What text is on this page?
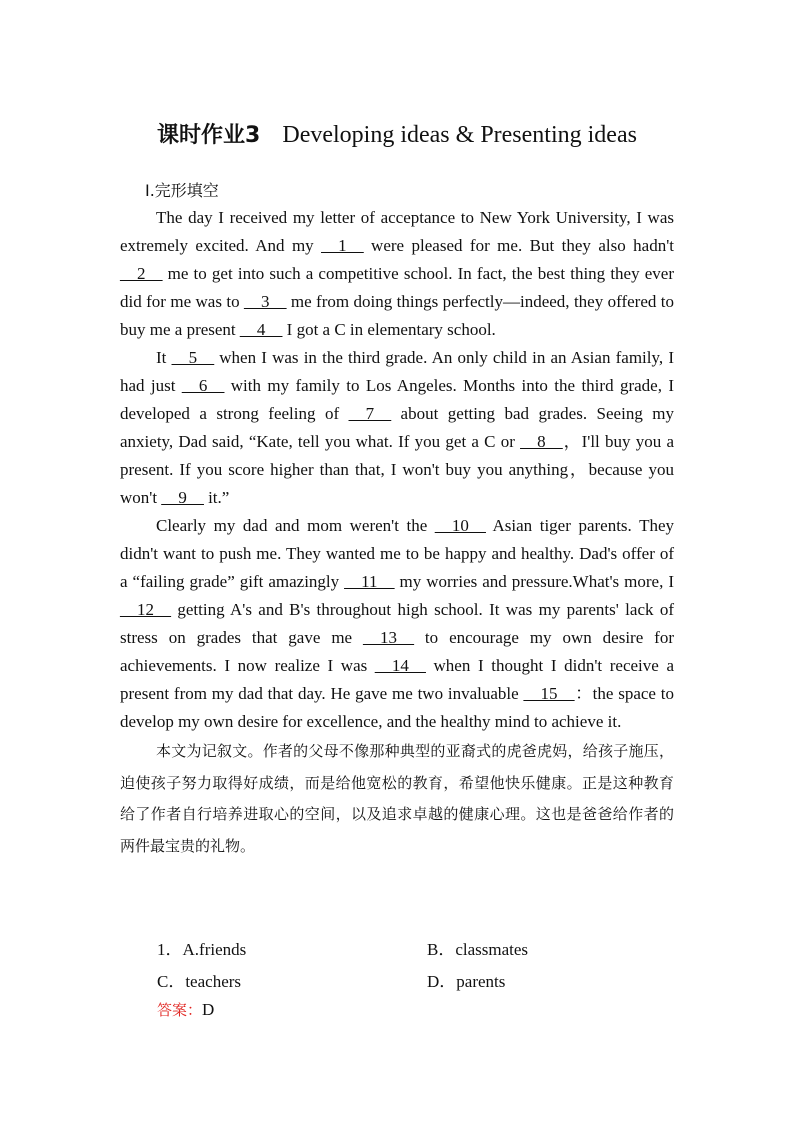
课时作业3 Developing ideas & Presenting ideas
Ⅰ.完形填空

The day I received my letter of acceptance to New York University, I was extremely excited. And my __1__ were pleased for me. But they also hadn't __2__ me to get into such a competitive school. In fact, the best thing they ever did for me was to __3__ me from doing things perfectly—indeed, they offered to buy me a present __4__ I got a C in elementary school.

It __5__ when I was in the third grade. An only child in an Asian family, I had just __6__ with my family to Los Angeles. Months into the third grade, I developed a strong feeling of __7__ about getting bad grades. Seeing my anxiety, Dad said, “Kate, tell you what. If you get a C or __8__，I'll buy you a present. If you score higher than that, I won't buy you anything，because you won't __9__ it.”

Clearly my dad and mom weren't the __10__ Asian tiger parents. They didn't want to push me. They wanted me to be happy and healthy. Dad's offer of a “failing grade” gift amazingly __11__ my worries and pressure.What's more, I __12__ getting A's and B's throughout high school. It was my parents' lack of stress on grades that gave me __13__ to encourage my own desire for achievements. I now realize I was __14__ when I thought I didn't receive a present from my dad that day. He gave me two invaluable __15__：the space to develop my own desire for excellence, and the healthy mind to achieve it.

本文为记叙文。作者的父母不像那种典型的亚裔式的虎爸虎妈，给孩子施压，迫使孩子努力取得好成绩，而是给他宽松的教育，希望他快乐健康。正是这种教育给了作者自行培养进取心的空间，以及追求卓越的健康心理。这也是爸爸给作者的两件最宝贵的礼物。

1．A.friends	B．classmates
C．teachers	D．parents
答案：D
